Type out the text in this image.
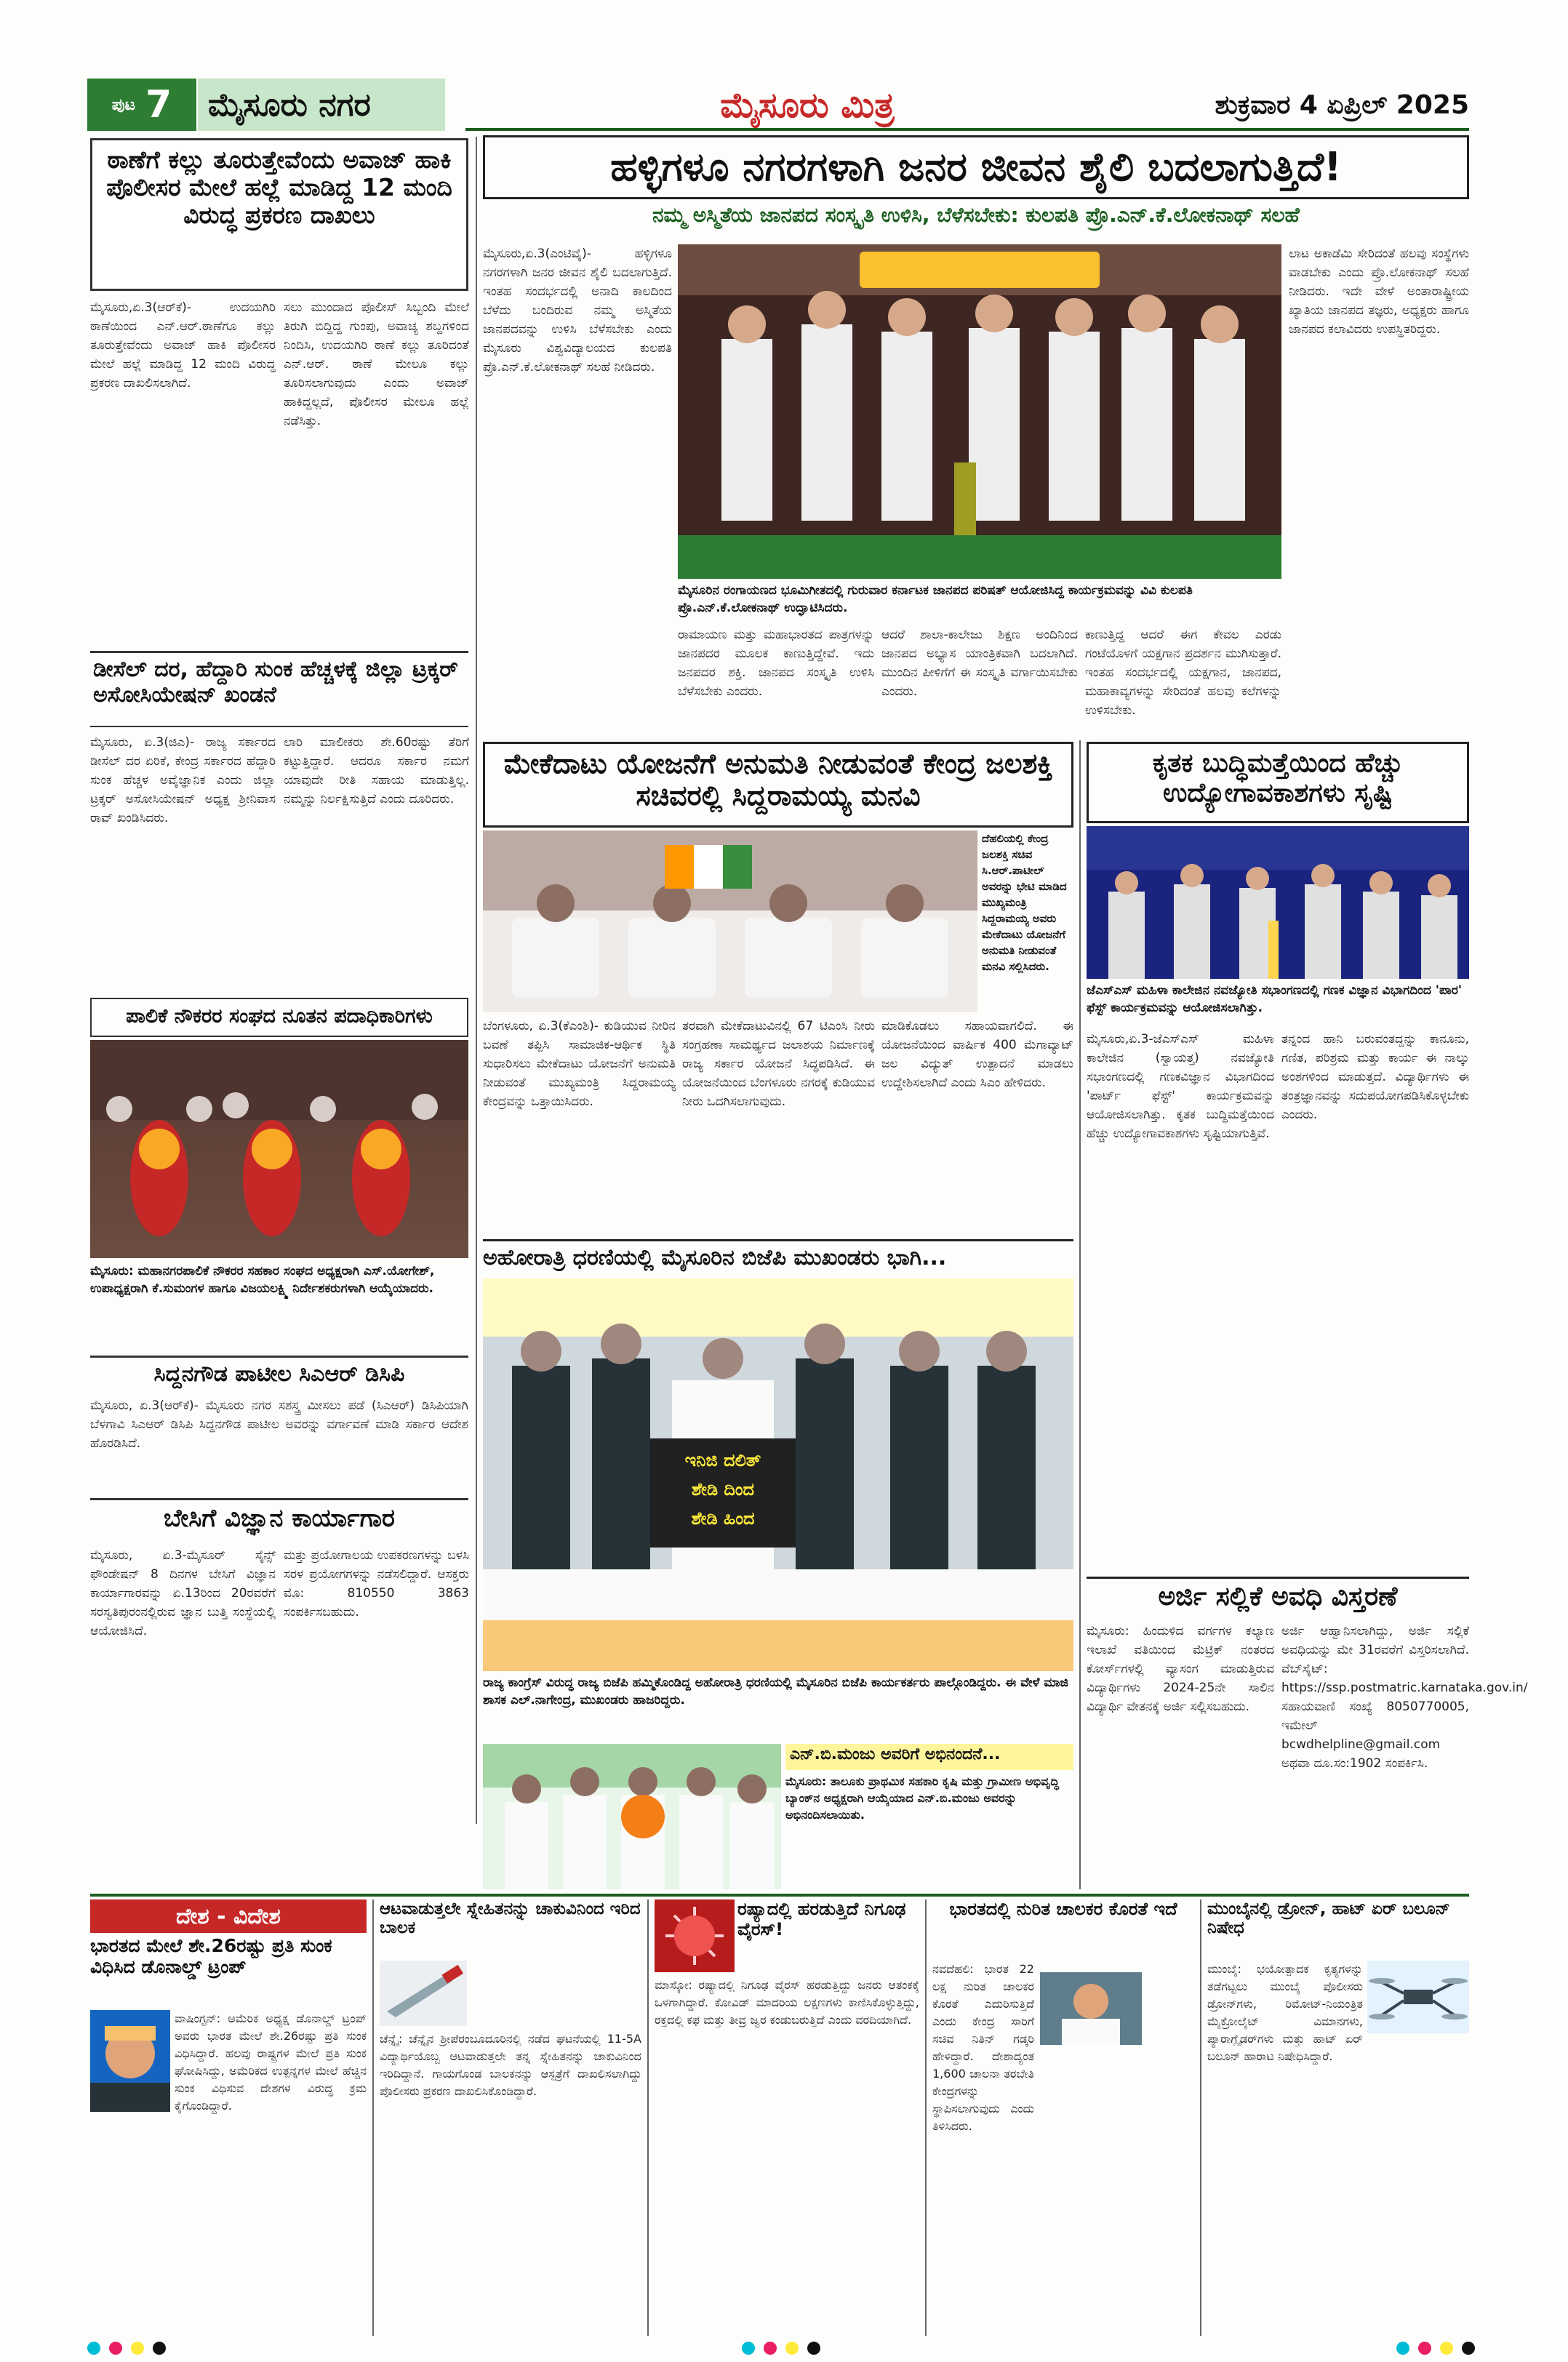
ಪುಟ 7	ಮೈಸೂರು ನಗರ	ಮೈಸೂರು ಮಿತ್ರ	ಶುಕ್ರವಾರ 4 ಏಪ್ರಿಲ್ 2025
ಠಾಣೆಗೆ ಕಲ್ಲು ತೂರುತ್ತೇವೆಂದು ಅವಾಜ್ ಹಾಕಿ ಪೊಲೀಸರ ಮೇಲೆ ಹಲ್ಲೆ ಮಾಡಿದ್ದ 12 ಮಂದಿ ವಿರುದ್ಧ ಪ್ರಕರಣ ದಾಖಲು
ಮೈಸೂರು,ಏ.3(ಆರ್‌ಕೆ)- ಉದಯಗಿರಿ ಠಾಣೆಯಿಂದ ಎನ್.ಆರ್.ಠಾಣೆಗೂ ಕಲ್ಲು ತೂರುತ್ತೇವೆಂದು ಅವಾಜ್ ಹಾಕಿ ಪೊಲೀಸರ ಮೇಲೆ ಹಲ್ಲೆ ಮಾಡಿದ್ದ 12 ಮಂದಿ ವಿರುದ್ಧ ಪ್ರಕರಣ ದಾಖಲಿಸಲಾಗಿದೆ.
ಸಲು ಮುಂದಾದ ಪೊಲೀಸ್ ಸಿಬ್ಬಂದಿ ಮೇಲೆ ತಿರುಗಿ ಬಿದ್ದಿದ್ದ ಗುಂಪು, ಅವಾಚ್ಯ ಶಬ್ದಗಳಿಂದ ನಿಂದಿಸಿ, ಉದಯಗಿರಿ ಠಾಣೆ ಕಲ್ಲು ತೂರಿದಂತೆ ಎನ್.ಆರ್. ಠಾಣೆ ಮೇಲೂ ಕಲ್ಲು ತೂರಿಸಲಾಗುವುದು ಎಂದು ಅವಾಜ್ ಹಾಕಿದ್ದಲ್ಲದೆ, ಪೊಲೀಸರ ಮೇಲೂ ಹಲ್ಲೆ ನಡೆಸಿತ್ತು.
ಡೀಸೆಲ್ ದರ, ಹೆದ್ದಾರಿ ಸುಂಕ ಹೆಚ್ಚಳಕ್ಕೆ ಜಿಲ್ಲಾ ಟ್ರಕ್ಕರ್ ಅಸೋಸಿಯೇಷನ್ ಖಂಡನೆ
ಮೈಸೂರು, ಏ.3(ಜಿಎ)- ರಾಜ್ಯ ಸರ್ಕಾರದ ಡೀಸೆಲ್ ದರ ಏರಿಕೆ, ಕೇಂದ್ರ ಸರ್ಕಾರದ ಹೆದ್ದಾರಿ ಸುಂಕ ಹೆಚ್ಚಳ ಅವೈಜ್ಞಾನಿಕ ಎಂದು ಜಿಲ್ಲಾ ಟ್ರಕ್ಕರ್ ಅಸೋಸಿಯೇಷನ್ ಅಧ್ಯಕ್ಷ ಶ್ರೀನಿವಾಸ ರಾವ್ ಖಂಡಿಸಿದರು.
ಲಾರಿ ಮಾಲೀಕರು ಶೇ.60ರಷ್ಟು ತೆರಿಗೆ ಕಟ್ಟುತ್ತಿದ್ದಾರೆ. ಆದರೂ ಸರ್ಕಾರ ನಮಗೆ ಯಾವುದೇ ರೀತಿ ಸಹಾಯ ಮಾಡುತ್ತಿಲ್ಲ. ನಮ್ಮನ್ನು ನಿರ್ಲಕ್ಷಿಸುತ್ತಿದೆ ಎಂದು ದೂರಿದರು.
ಪಾಲಿಕೆ ನೌಕರರ ಸಂಘದ ನೂತನ ಪದಾಧಿಕಾರಿಗಳು
ಮೈಸೂರು: ಮಹಾನಗರಪಾಲಿಕೆ ನೌಕರರ ಸಹಕಾರ ಸಂಘದ ಅಧ್ಯಕ್ಷರಾಗಿ ಎಸ್.ಯೋಗೇಶ್, ಉಪಾಧ್ಯಕ್ಷರಾಗಿ ಕೆ.ಸುಮಂಗಳ ಹಾಗೂ ವಿಜಯಲಕ್ಷ್ಮಿ ನಿರ್ದೇಶಕರುಗಳಾಗಿ ಆಯ್ಕೆಯಾದರು.
ಸಿದ್ದನಗೌಡ ಪಾಟೀಲ ಸಿಎಆರ್ ಡಿಸಿಪಿ
ಮೈಸೂರು, ಏ.3(ಆರ್‌ಕೆ)- ಮೈಸೂರು ನಗರ ಸಶಸ್ತ್ರ ಮೀಸಲು ಪಡೆ (ಸಿಎಆರ್) ಡಿಸಿಪಿಯಾಗಿ ಬೆಳಗಾವಿ ಸಿಎಆರ್ ಡಿಸಿಪಿ ಸಿದ್ದನಗೌಡ ಪಾಟೀಲ ಅವರನ್ನು ವರ್ಗಾವಣೆ ಮಾಡಿ ಸರ್ಕಾರ ಆದೇಶ ಹೊರಡಿಸಿದೆ.
ಬೇಸಿಗೆ ವಿಜ್ಞಾನ ಕಾರ್ಯಾಗಾರ
ಮೈಸೂರು, ಏ.3-ಮೈಸೂರ್ ಸೈನ್ಸ್ ಫೌಂಡೇಷನ್ 8 ದಿನಗಳ ಬೇಸಿಗೆ ವಿಜ್ಞಾನ ಕಾರ್ಯಾಗಾರವನ್ನು ಏ.13ರಿಂದ 20ರವರೆಗೆ ಸರಸ್ವತಿಪುರಂನಲ್ಲಿರುವ ಜ್ಞಾನ ಬುತ್ತಿ ಸಂಸ್ಥೆಯಲ್ಲಿ ಆಯೋಜಿಸಿದೆ.
ಮತ್ತು ಪ್ರಯೋಗಾಲಯ ಉಪಕರಣಗಳನ್ನು ಬಳಸಿ ಸರಳ ಪ್ರಯೋಗಗಳನ್ನು ನಡೆಸಲಿದ್ದಾರೆ. ಆಸಕ್ತರು ಮೊ: 810550 3863 ಸಂಪರ್ಕಿಸಬಹುದು.
ಹಳ್ಳಿಗಳೂ ನಗರಗಳಾಗಿ ಜನರ ಜೀವನ ಶೈಲಿ ಬದಲಾಗುತ್ತಿದೆ!
ನಮ್ಮ ಅಸ್ಮಿತೆಯ ಜಾನಪದ ಸಂಸ್ಕೃತಿ ಉಳಿಸಿ, ಬೆಳೆಸಬೇಕು: ಕುಲಪತಿ ಪ್ರೊ.ಎನ್.ಕೆ.ಲೋಕನಾಥ್ ಸಲಹೆ
ಮೈಸೂರು,ಏ.3(ಎಂಟಿವೈ)- ಹಳ್ಳಿಗಳೂ ನಗರಗಳಾಗಿ ಜನರ ಜೀವನ ಶೈಲಿ ಬದಲಾಗುತ್ತಿದೆ. ಇಂತಹ ಸಂದರ್ಭದಲ್ಲಿ ಅನಾದಿ ಕಾಲದಿಂದ ಬೆಳೆದು ಬಂದಿರುವ ನಮ್ಮ ಅಸ್ಮಿತೆಯ ಜಾನಪದವನ್ನು ಉಳಿಸಿ ಬೆಳೆಸಬೇಕು ಎಂದು ಮೈಸೂರು ವಿಶ್ವವಿದ್ಯಾಲಯದ ಕುಲಪತಿ ಪ್ರೊ.ಎನ್.ಕೆ.ಲೋಕನಾಥ್ ಸಲಹೆ ನೀಡಿದರು.
ಮೈಸೂರಿನ ರಂಗಾಯಣದ ಭೂಮಿಗೀತದಲ್ಲಿ ಗುರುವಾರ ಕರ್ನಾಟಕ ಜಾನಪದ ಪರಿಷತ್ ಆಯೋಜಿಸಿದ್ದ ಕಾರ್ಯಕ್ರಮವನ್ನು ವಿವಿ ಕುಲಪತಿ ಪ್ರೊ.ಎನ್.ಕೆ.ಲೋಕನಾಥ್ ಉದ್ಘಾಟಿಸಿದರು.
ರಾಮಾಯಣ ಮತ್ತು ಮಹಾಭಾರತದ ಪಾತ್ರಗಳನ್ನು ಜಾನಪದರ ಮೂಲಕ ಕಾಣುತ್ತಿದ್ದೇವೆ. ಇದು ಜನಪದರ ಶಕ್ತಿ. ಜಾನಪದ ಸಂಸ್ಕೃತಿ ಉಳಿಸಿ ಬೆಳೆಸಬೇಕು ಎಂದರು.
ಆದರೆ ಶಾಲಾ-ಕಾಲೇಜು ಶಿಕ್ಷಣ ಅಂದಿನಿಂದ ಜಾನಪದ ಅಭ್ಯಾಸ ಯಾಂತ್ರಿಕವಾಗಿ ಬದಲಾಗಿದೆ. ಮುಂದಿನ ಪೀಳಿಗೆಗೆ ಈ ಸಂಸ್ಕೃತಿ ವರ್ಗಾಯಿಸಬೇಕು ಎಂದರು.
ಕಾಣುತ್ತಿದ್ದ ಆದರೆ ಈಗ ಕೇವಲ ಎರಡು ಗಂಟೆಯೊಳಗೆ ಯಕ್ಷಗಾನ ಪ್ರದರ್ಶನ ಮುಗಿಸುತ್ತಾರೆ. ಇಂತಹ ಸಂದರ್ಭದಲ್ಲಿ ಯಕ್ಷಗಾನ, ಜಾನಪದ, ಮಹಾಕಾವ್ಯಗಳನ್ನು ಸೇರಿದಂತೆ ಹಲವು ಕಲೆಗಳನ್ನು ಉಳಿಸಬೇಕು.
ಲಾಟ ಅಕಾಡೆಮಿ ಸೇರಿದಂತೆ ಹಲವು ಸಂಸ್ಥೆಗಳು ವಾಡಬೇಕು ಎಂದು ಪ್ರೊ.ಲೋಕನಾಥ್ ಸಲಹೆ ನೀಡಿದರು. ಇದೇ ವೇಳೆ ಅಂತಾರಾಷ್ಟ್ರೀಯ ಖ್ಯಾತಿಯ ಜಾನಪದ ತಜ್ಞರು, ಅಧ್ಯಕ್ಷರು ಹಾಗೂ ಜಾನಪದ ಕಲಾವಿದರು ಉಪಸ್ಥಿತರಿದ್ದರು.
ಮೇಕೆದಾಟು ಯೋಜನೆಗೆ ಅನುಮತಿ ನೀಡುವಂತೆ ಕೇಂದ್ರ ಜಲಶಕ್ತಿ ಸಚಿವರಲ್ಲಿ ಸಿದ್ದರಾಮಯ್ಯ ಮನವಿ
ದೆಹಲಿಯಲ್ಲಿ ಕೇಂದ್ರ ಜಲಶಕ್ತಿ ಸಚಿವ ಸಿ.ಆರ್.ಪಾಟೀಲ್ ಅವರನ್ನು ಭೇಟಿ ಮಾಡಿದ ಮುಖ್ಯಮಂತ್ರಿ ಸಿದ್ದರಾಮಯ್ಯ ಅವರು ಮೇಕೆದಾಟು ಯೋಜನೆಗೆ ಅನುಮತಿ ನೀಡುವಂತೆ ಮನವಿ ಸಲ್ಲಿಸಿದರು.
ಬೆಂಗಳೂರು, ಏ.3(ಕೆಎಂಶಿ)- ಕುಡಿಯುವ ನೀರಿನ ಬವಣೆ ತಪ್ಪಿಸಿ ಸಾಮಾಜಿಕ-ಆರ್ಥಿಕ ಸ್ಥಿತಿ ಸುಧಾರಿಸಲು ಮೇಕೆದಾಟು ಯೋಜನೆಗೆ ಅನುಮತಿ ನೀಡುವಂತೆ ಮುಖ್ಯಮಂತ್ರಿ ಸಿದ್ದರಾಮಯ್ಯ ಕೇಂದ್ರವನ್ನು ಒತ್ತಾಯಿಸಿದರು.
ತರವಾಗಿ ಮೇಕೆದಾಟುವಿನಲ್ಲಿ 67 ಟಿಎಂಸಿ ನೀರು ಸಂಗ್ರಹಣಾ ಸಾಮರ್ಥ್ಯದ ಜಲಾಶಯ ನಿರ್ಮಾಣಕ್ಕೆ ರಾಜ್ಯ ಸರ್ಕಾರ ಯೋಜನೆ ಸಿದ್ಧಪಡಿಸಿದೆ. ಈ ಯೋಜನೆಯಿಂದ ಬೆಂಗಳೂರು ನಗರಕ್ಕೆ ಕುಡಿಯುವ ನೀರು ಒದಗಿಸಲಾಗುವುದು.
ಮಾಡಿಕೊಡಲು ಸಹಾಯವಾಗಲಿದೆ. ಈ ಯೋಜನೆಯಿಂದ ವಾರ್ಷಿಕ 400 ಮೆಗಾವ್ಯಾಟ್ ಜಲ ವಿದ್ಯುತ್ ಉತ್ಪಾದನೆ ಮಾಡಲು ಉದ್ದೇಶಿಸಲಾಗಿದೆ ಎಂದು ಸಿಎಂ ಹೇಳಿದರು.
ಅಹೋರಾತ್ರಿ ಧರಣಿಯಲ್ಲಿ ಮೈಸೂರಿನ ಬಿಜೆಪಿ ಮುಖಂಡರು ಭಾಗಿ...
ಇನಿಜಿ ದಲಿತ್
ಶೇಡಿ ದಿಂದ
ಶೇಡಿ ಹಿಂದ
ರಾಜ್ಯ ಕಾಂಗ್ರೆಸ್ ವಿರುದ್ಧ ರಾಜ್ಯ ಬಿಜೆಪಿ ಹಮ್ಮಿಕೊಂಡಿದ್ದ ಅಹೋರಾತ್ರಿ ಧರಣಿಯಲ್ಲಿ ಮೈಸೂರಿನ ಬಿಜೆಪಿ ಕಾರ್ಯಕರ್ತರು ಪಾಲ್ಗೊಂಡಿದ್ದರು. ಈ ವೇಳೆ ಮಾಜಿ ಶಾಸಕ ಎಲ್.ನಾಗೇಂದ್ರ, ಮುಖಂಡರು ಹಾಜರಿದ್ದರು.
ಎನ್.ಬಿ.ಮಂಜು ಅವರಿಗೆ ಅಭಿನಂದನೆ...
ಮೈಸೂರು: ತಾಲೂಕು ಪ್ರಾಥಮಿಕ ಸಹಕಾರಿ ಕೃಷಿ ಮತ್ತು ಗ್ರಾಮೀಣ ಅಭಿವೃದ್ಧಿ ಬ್ಯಾಂಕ್‌ನ ಅಧ್ಯಕ್ಷರಾಗಿ ಆಯ್ಕೆಯಾದ ಎನ್.ಬಿ.ಮಂಜು ಅವರನ್ನು ಅಭಿನಂದಿಸಲಾಯಿತು.
ಕೃತಕ ಬುದ್ಧಿಮತ್ತೆಯಿಂದ ಹೆಚ್ಚು ಉದ್ಯೋಗಾವಕಾಶಗಳು ಸೃಷ್ಟಿ
ಜೆಎಸ್‌ಎಸ್ ಮಹಿಳಾ ಕಾಲೇಜಿನ ನವಜ್ಯೋತಿ ಸಭಾಂಗಣದಲ್ಲಿ ಗಣಕ ವಿಜ್ಞಾನ ವಿಭಾಗದಿಂದ 'ಪಾರ' ಫೆಸ್ಟ್ ಕಾರ್ಯಕ್ರಮವನ್ನು ಆಯೋಜಿಸಲಾಗಿತ್ತು.
ಮೈಸೂರು,ಏ.3-ಜೆಎಸ್‌ಎಸ್ ಮಹಿಳಾ ಕಾಲೇಜಿನ (ಸ್ವಾಯತ್ತ) ನವಜ್ಯೋತಿ ಸಭಾಂಗಣದಲ್ಲಿ ಗಣಕವಿಜ್ಞಾನ ವಿಭಾಗದಿಂದ 'ಪಾರ್ಟ್ ಫೆಸ್ಟ್' ಕಾರ್ಯಕ್ರಮವನ್ನು ಆಯೋಜಿಸಲಾಗಿತ್ತು. ಕೃತಕ ಬುದ್ಧಿಮತ್ತೆಯಿಂದ ಹೆಚ್ಚು ಉದ್ಯೋಗಾವಕಾಶಗಳು ಸೃಷ್ಟಿಯಾಗುತ್ತಿವೆ.
ತನ್ನಂದ ಹಾನಿ ಬರುವಂತದ್ದನ್ನು ಕಾನೂನು, ಗಣಿತ, ಪರಿಶ್ರಮ ಮತ್ತು ಕಾರ್ಯ ಈ ನಾಲ್ಕು ಅಂಶಗಳಿಂದ ಮಾಡುತ್ತದೆ. ವಿದ್ಯಾರ್ಥಿಗಳು ಈ ತಂತ್ರಜ್ಞಾನವನ್ನು ಸದುಪಯೋಗಪಡಿಸಿಕೊಳ್ಳಬೇಕು ಎಂದರು.
ಅರ್ಜಿ ಸಲ್ಲಿಕೆ ಅವಧಿ ವಿಸ್ತರಣೆ
ಮೈಸೂರು: ಹಿಂದುಳಿದ ವರ್ಗಗಳ ಕಲ್ಯಾಣ ಇಲಾಖೆ ವತಿಯಿಂದ ಮೆಟ್ರಿಕ್ ನಂತರದ ಕೋರ್ಸ್‌ಗಳಲ್ಲಿ ವ್ಯಾಸಂಗ ಮಾಡುತ್ತಿರುವ ವಿದ್ಯಾರ್ಥಿಗಳು 2024-25ನೇ ಸಾಲಿನ ವಿದ್ಯಾರ್ಥಿ ವೇತನಕ್ಕೆ ಅರ್ಜಿ ಸಲ್ಲಿಸಬಹುದು.
ಅರ್ಜಿ ಆಹ್ವಾನಿಸಲಾಗಿದ್ದು, ಅರ್ಜಿ ಸಲ್ಲಿಕೆ ಅವಧಿಯನ್ನು ಮೇ 31ರವರೆಗೆ ವಿಸ್ತರಿಸಲಾಗಿದೆ. ವೆಬ್‌ಸೈಟ್: https://ssp.postmatric.karnataka.gov.in/ ಸಹಾಯವಾಣಿ ಸಂಖ್ಯೆ 8050770005, ಇಮೇಲ್ bcwdhelpline@gmail.com ಅಥವಾ ದೂ.ಸಂ:1902 ಸಂಪರ್ಕಿಸಿ.
ದೇಶ - ವಿದೇಶ
ಭಾರತದ ಮೇಲೆ ಶೇ.26ರಷ್ಟು ಪ್ರತಿ ಸುಂಕ ವಿಧಿಸಿದ ಡೊನಾಲ್ಡ್ ಟ್ರಂಪ್
ವಾಷಿಂಗ್ಟನ್: ಅಮೆರಿಕ ಅಧ್ಯಕ್ಷ ಡೊನಾಲ್ಡ್ ಟ್ರಂಪ್ ಅವರು ಭಾರತ ಮೇಲೆ ಶೇ.26ರಷ್ಟು ಪ್ರತಿ ಸುಂಕ ವಿಧಿಸಿದ್ದಾರೆ. ಹಲವು ರಾಷ್ಟ್ರಗಳ ಮೇಲೆ ಪ್ರತಿ ಸುಂಕ ಘೋಷಿಸಿದ್ದು, ಅಮೆರಿಕದ ಉತ್ಪನ್ನಗಳ ಮೇಲೆ ಹೆಚ್ಚಿನ ಸುಂಕ ವಿಧಿಸುವ ದೇಶಗಳ ವಿರುದ್ಧ ಕ್ರಮ ಕೈಗೊಂಡಿದ್ದಾರೆ.
ಆಟವಾಡುತ್ತಲೇ ಸ್ನೇಹಿತನನ್ನು ಚಾಕುವಿನಿಂದ ಇರಿದ ಬಾಲಕ
ಚೆನ್ನೈ: ಚೆನ್ನೈನ ಶ್ರೀಪೆರಂಬೂದೂರಿನಲ್ಲಿ ನಡೆದ ಘಟನೆಯಲ್ಲಿ 11-5A ವಿದ್ಯಾರ್ಥಿಯೊಬ್ಬ ಆಟವಾಡುತ್ತಲೇ ತನ್ನ ಸ್ನೇಹಿತನನ್ನು ಚಾಕುವಿನಿಂದ ಇರಿದಿದ್ದಾನೆ. ಗಾಯಗೊಂಡ ಬಾಲಕನನ್ನು ಆಸ್ಪತ್ರೆಗೆ ದಾಖಲಿಸಲಾಗಿದ್ದು ಪೊಲೀಸರು ಪ್ರಕರಣ ದಾಖಲಿಸಿಕೊಂಡಿದ್ದಾರೆ.
ರಷ್ಯಾದಲ್ಲಿ ಹರಡುತ್ತಿದೆ ನಿಗೂಢ ವೈರಸ್!
ಮಾಸ್ಕೋ: ರಷ್ಯಾದಲ್ಲಿ ನಿಗೂಢ ವೈರಸ್ ಹರಡುತ್ತಿದ್ದು ಜನರು ಆತಂಕಕ್ಕೆ ಒಳಗಾಗಿದ್ದಾರೆ. ಕೋವಿಡ್ ಮಾದರಿಯ ಲಕ್ಷಣಗಳು ಕಾಣಿಸಿಕೊಳ್ಳುತ್ತಿದ್ದು, ರಕ್ತದಲ್ಲಿ ಕಫ ಮತ್ತು ತೀವ್ರ ಜ್ವರ ಕಂಡುಬರುತ್ತಿದೆ ಎಂದು ವರದಿಯಾಗಿದೆ.
ಭಾರತದಲ್ಲಿ ನುರಿತ ಚಾಲಕರ ಕೊರತೆ ಇದೆ
ನವದೆಹಲಿ: ಭಾರತ 22 ಲಕ್ಷ ನುರಿತ ಚಾಲಕರ ಕೊರತೆ ಎದುರಿಸುತ್ತಿದೆ ಎಂದು ಕೇಂದ್ರ ಸಾರಿಗೆ ಸಚಿವ ನಿತಿನ್ ಗಡ್ಕರಿ ಹೇಳಿದ್ದಾರೆ. ದೇಶಾದ್ಯಂತ 1,600 ಚಾಲನಾ ತರಬೇತಿ ಕೇಂದ್ರಗಳನ್ನು ಸ್ಥಾಪಿಸಲಾಗುವುದು ಎಂದು ತಿಳಿಸಿದರು.
ಮುಂಬೈನಲ್ಲಿ ಡ್ರೋನ್, ಹಾಟ್ ಏರ್ ಬಲೂನ್ ನಿಷೇಧ
ಮುಂಬೈ: ಭಯೋತ್ಪಾದಕ ಕೃತ್ಯಗಳನ್ನು ತಡೆಗಟ್ಟಲು ಮುಂಬೈ ಪೊಲೀಸರು ಡ್ರೋನ್‌ಗಳು, ರಿಮೋಟ್-ನಿಯಂತ್ರಿತ ಮೈಕ್ರೋಲೈಟ್ ವಿಮಾನಗಳು, ಪ್ಯಾರಾಗ್ಲೈಡರ್‌ಗಳು ಮತ್ತು ಹಾಟ್ ಏರ್ ಬಲೂನ್ ಹಾರಾಟ ನಿಷೇಧಿಸಿದ್ದಾರೆ.
